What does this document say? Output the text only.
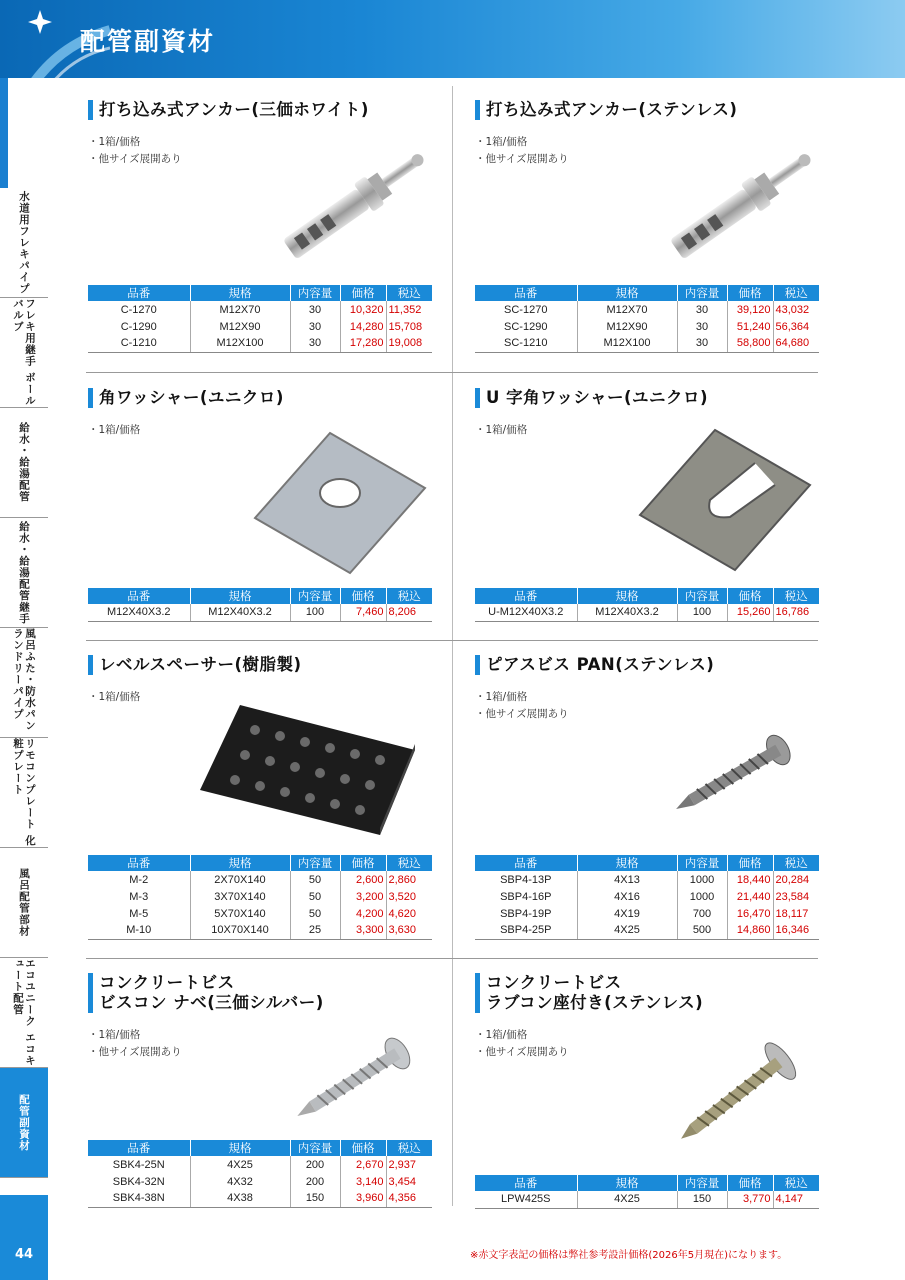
配管副資材
水道用フレキパイプ
フレキ用継手 ボールバルブ
給水・給湯配管
給水・給湯配管継手
風呂ふた・防水パン ランドリーパイプ
リモコンプレート 化粧プレート
風呂配管部材
エコユニーク エコキュート配管
配管副資材
44
打ち込み式アンカー(三価ホワイト)
・ 1箱/価格
・ 他サイズ展開あり
品番	規格	内容量	価格	税込
C-1270	M12X70	30	10,320	11,352
C-1290	M12X90	30	14,280	15,708
C-1210	M12X100	30	17,280	19,008
打ち込み式アンカー(ステンレス)
・ 1箱/価格
・ 他サイズ展開あり
品番	規格	内容量	価格	税込
SC-1270	M12X70	30	39,120	43,032
SC-1290	M12X90	30	51,240	56,364
SC-1210	M12X100	30	58,800	64,680
角ワッシャー(ユニクロ)
・ 1箱/価格
品番	規格	内容量	価格	税込
M12X40X3.2	M12X40X3.2	100	7,460	8,206
U 字角ワッシャー(ユニクロ)
・ 1箱/価格
品番	規格	内容量	価格	税込
U-M12X40X3.2	M12X40X3.2	100	15,260	16,786
レベルスペーサー(樹脂製)
・ 1箱/価格
品番	規格	内容量	価格	税込
M-2	2X70X140	50	2,600	2,860
M-3	3X70X140	50	3,200	3,520
M-5	5X70X140	50	4,200	4,620
M-10	10X70X140	25	3,300	3,630
ピアスビス PAN(ステンレス)
・ 1箱/価格
・ 他サイズ展開あり
品番	規格	内容量	価格	税込
SBP4-13P	4X13	1000	18,440	20,284
SBP4-16P	4X16	1000	21,440	23,584
SBP4-19P	4X19	700	16,470	18,117
SBP4-25P	4X25	500	14,860	16,346
コンクリートビス
ビスコン ナベ(三価シルバー)
・ 1箱/価格
・ 他サイズ展開あり
品番	規格	内容量	価格	税込
SBK4-25N	4X25	200	2,670	2,937
SBK4-32N	4X32	200	3,140	3,454
SBK4-38N	4X38	150	3,960	4,356
コンクリートビス
ラブコン座付き(ステンレス)
・ 1箱/価格
・ 他サイズ展開あり
品番	規格	内容量	価格	税込
LPW425S	4X25	150	3,770	4,147
※赤文字表記の価格は弊社参考設計価格(2026年5月現在)になります。
